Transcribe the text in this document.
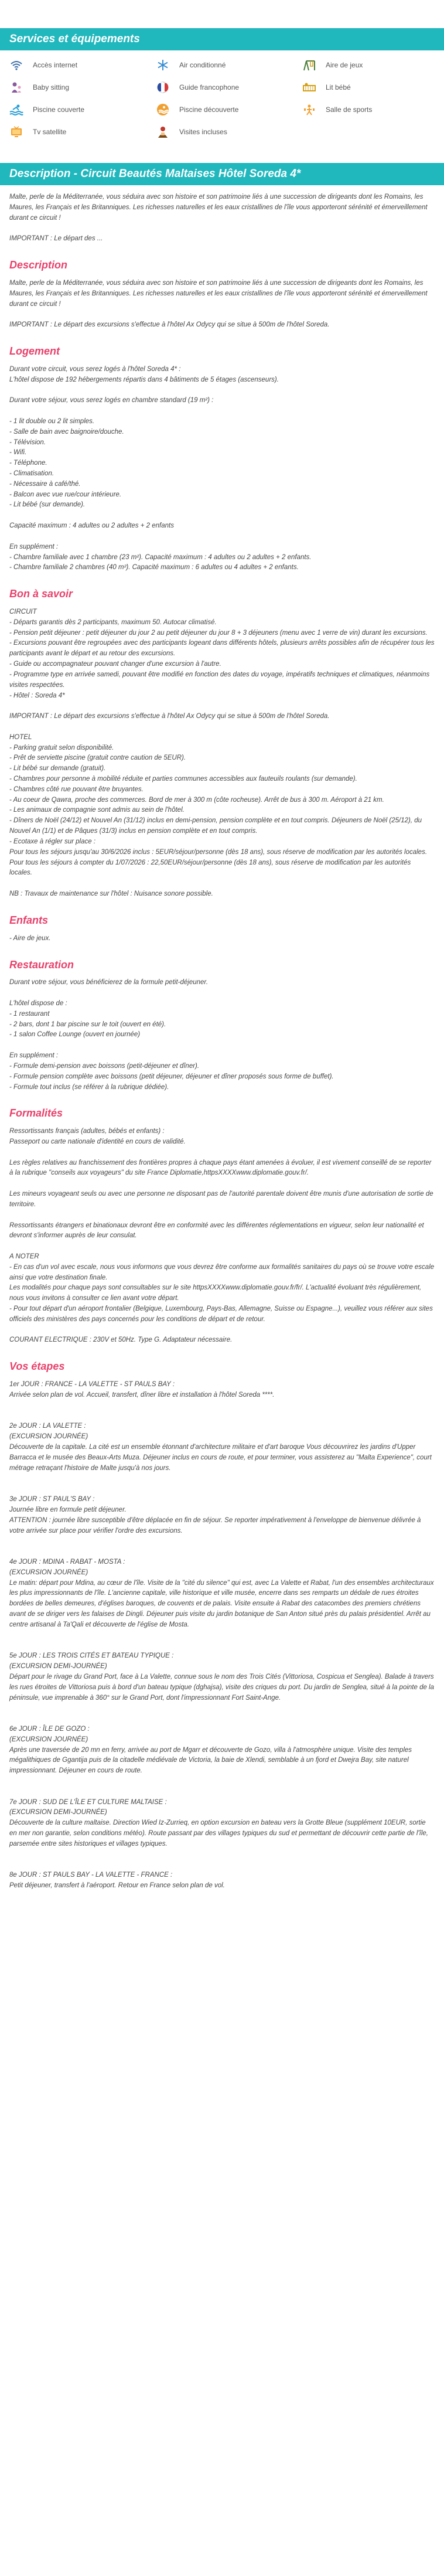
Services et équipements
Accès internet	Air conditionné	Aire de jeux
Baby sitting	Guide francophone	Lit bébé
Piscine couverte	Piscine découverte	Salle de sports
Tv satellite	Visites incluses
Description - Circuit Beautés Maltaises Hôtel Soreda 4*

Malte, perle de la Méditerranée, vous séduira avec son histoire et son patrimoine liés à une succession de dirigeants dont les Romains, les Maures, les Français et les Britanniques. Les richesses naturelles et les eaux cristallines de l'île vous apporteront sérénité et émerveillement durant ce circuit !

IMPORTANT : Le départ des ...

Description

Malte, perle de la Méditerranée, vous séduira avec son histoire et son patrimoine liés à une succession de dirigeants dont les Romains, les Maures, les Français et les Britanniques. Les richesses naturelles et les eaux cristallines de l'île vous apporteront sérénité et émerveillement durant ce circuit !

IMPORTANT : Le départ des excursions s'effectue à l'hôtel Ax Odycy qui se situe à 500m de l'hôtel Soreda.

Logement

Durant votre circuit, vous serez logés à l'hôtel Soreda 4* :
L'hôtel dispose de 192 hébergements répartis dans 4 bâtiments de 5 étages (ascenseurs).

Durant votre séjour, vous serez logés en chambre standard (19 m²) :

- 1 lit double ou 2 lit simples.
- Salle de bain avec baignoire/douche.
- Télévision.
- Wifi.
- Téléphone.
- Climatisation.
- Nécessaire à café/thé.
- Balcon avec vue rue/cour intérieure.
- Lit bébé (sur demande).

Capacité maximum : 4 adultes ou 2 adultes + 2 enfants

En supplément :
- Chambre familiale avec 1 chambre (23 m²). Capacité maximum : 4 adultes ou 2 adultes + 2 enfants.
- Chambre familiale 2 chambres (40 m²). Capacité maximum : 6 adultes ou 4 adultes + 2 enfants.

Bon à savoir

CIRCUIT
- Départs garantis dès 2 participants, maximum 50. Autocar climatisé.
- Pension petit déjeuner : petit déjeuner du jour 2 au petit déjeuner du jour 8 + 3 déjeuners (menu avec 1 verre de vin) durant les excursions.
- Excursions pouvant être regroupées avec des participants logeant dans différents hôtels, plusieurs arrêts possibles afin de récupérer tous les participants avant le départ et au retour des excursions.
- Guide ou accompagnateur pouvant changer d'une excursion à l'autre.
- Programme type en arrivée samedi, pouvant être modifié en fonction des dates du voyage, impératifs techniques et climatiques, néanmoins visites respectées.
- Hôtel : Soreda 4*

IMPORTANT : Le départ des excursions s'effectue à l'hôtel Ax Odycy qui se situe à 500m de l'hôtel Soreda.

HOTEL
- Parking gratuit selon disponibilité.
- Prêt de serviette piscine (gratuit contre caution de 5EUR).
- Lit bébé sur demande (gratuit).
- Chambres pour personne à mobilité réduite et parties communes accessibles aux fauteuils roulants (sur demande).
- Chambres côté rue pouvant être bruyantes.
- Au coeur de Qawra, proche des commerces. Bord de mer à 300 m (côte rocheuse). Arrêt de bus à 300 m. Aéroport à 21 km.
- Les animaux de compagnie sont admis au sein de l'hôtel.
- Dîners de Noël (24/12) et Nouvel An (31/12) inclus en demi-pension, pension complète et en tout compris. Déjeuners de Noël (25/12), du Nouvel An (1/1) et de Pâques (31/3) inclus en pension complète et en tout compris.
- Ecotaxe à régler sur place :
Pour tous les séjours jusqu'au 30/6/2026 inclus : 5EUR/séjour/personne (dès 18 ans), sous réserve de modification par les autorités locales.
Pour tous les séjours à compter du 1/07/2026 : 22,50EUR/séjour/personne (dès 18 ans), sous réserve de modification par les autorités locales.

NB : Travaux de maintenance sur l'hôtel : Nuisance sonore possible.

Enfants

- Aire de jeux.

Restauration

Durant votre séjour, vous bénéficierez de la formule petit-déjeuner.

L'hôtel dispose de :
- 1 restaurant
- 2 bars, dont 1 bar piscine sur le toit (ouvert en été).
- 1 salon Coffee Lounge (ouvert en journée)

En supplément :
- Formule demi-pension avec boissons (petit-déjeuner et dîner).
- Formule pension complète avec boissons (petit déjeuner, déjeuner et dîner proposés sous forme de buffet).
- Formule tout inclus (se référer à la rubrique dédiée).

Formalités

Ressortissants français (adultes, bébés et enfants) :
Passeport ou carte nationale d'identité en cours de validité.

Les règles relatives au franchissement des frontières propres à chaque pays étant amenées à évoluer, il est vivement conseillé de se reporter à la rubrique "conseils aux voyageurs" du site France Diplomatie,httpsXXXXwww.diplomatie.gouv.fr/.

Les mineurs voyageant seuls ou avec une personne ne disposant pas de l'autorité parentale doivent être munis d'une autorisation de sortie de territoire.

Ressortissants étrangers et binationaux devront être en conformité avec les différentes réglementations en vigueur, selon leur nationalité et devront s'informer auprès de leur consulat.

A NOTER
- En cas d'un vol avec escale, nous vous informons que vous devrez être conforme aux formalités sanitaires du pays où se trouve votre escale ainsi que votre destination finale.
Les modalités pour chaque pays sont consultables sur le site httpsXXXXwww.diplomatie.gouv.fr/fr/. L'actualité évoluant très régulièrement, nous vous invitons à consulter ce lien avant votre départ.
- Pour tout départ d'un aéroport frontalier (Belgique, Luxembourg, Pays-Bas, Allemagne, Suisse ou Espagne...), veuillez vous référer aux sites officiels des ministères des pays concernés pour les conditions de départ et de retour.

COURANT ELECTRIQUE : 230V et 50Hz. Type G. Adaptateur nécessaire.

Vos étapes

1er JOUR : FRANCE - LA VALETTE - ST PAULS BAY :
Arrivée selon plan de vol. Accueil, transfert, dîner libre et installation à l'hôtel Soreda ****.

2e JOUR : LA VALETTE :
(EXCURSION JOURNÉE)
Découverte de la capitale. La cité est un ensemble étonnant d'architecture militaire et d'art baroque Vous découvrirez les jardins d'Upper Barracca et le musée des Beaux-Arts Muza. Déjeuner inclus en cours de route, et pour terminer, vous assisterez au "Malta Experience", court métrage retraçant l'histoire de Malte jusqu'à nos jours.

3e JOUR : ST PAUL'S BAY :
Journée libre en formule petit déjeuner.
ATTENTION : journée libre susceptible d'être déplacée en fin de séjour. Se reporter impérativement à l'enveloppe de bienvenue délivrée à votre arrivée sur place pour vérifier l'ordre des excursions.

4e JOUR : MDINA - RABAT - MOSTA :
(EXCURSION JOURNÉE)
Le matin: départ pour Mdina, au cœur de l'île. Visite de la "cité du silence" qui est, avec La Valette et Rabat, l'un des ensembles architecturaux les plus impressionnants de l'île. L'ancienne capitale, ville historique et ville musée, encerre dans ses remparts un dédale de rues étroites bordées de belles demeures, d'églises baroques, de couvents et de palais. Visite ensuite à Rabat des catacombes des premiers chrétiens avant de se diriger vers les falaises de Dingli. Déjeuner puis visite du jardin botanique de San Anton situé près du palais présidentiel. Arrêt au centre artisanal à Ta'Qali et découverte de l'église de Mosta.

5e JOUR : LES TROIS CITÉS ET BATEAU TYPIQUE :
(EXCURSION DEMI-JOURNÉE)
Départ pour le rivage du Grand Port, face à La Valette, connue sous le nom des Trois Cités (Vittoriosa, Cospicua et Senglea). Balade à travers les rues étroites de Vittoriosa puis à bord d'un bateau typique (dghajsa), visite des criques du port. Du jardin de Senglea, situé à la pointe de la péninsule, vue imprenable à 360° sur le Grand Port, dont l'impressionnant Fort Saint-Ange.

6e JOUR : ÎLE DE GOZO :
(EXCURSION JOURNÉE)
Après une traversée de 20 mn en ferry, arrivée au port de Mgarr et découverte de Gozo, villa à l'atmosphère unique. Visite des temples mégalithiques de Ggantija puis de la citadelle médiévale de Victoria, la baie de Xlendi, semblable à un fjord et Dwejra Bay, site naturel impressionnant. Déjeuner en cours de route.

7e JOUR : SUD DE L'ÎLE ET CULTURE MALTAISE :
(EXCURSION DEMI-JOURNÉE)
Découverte de la culture maltaise. Direction Wied Iz-Zurrieq, en option excursion en bateau vers la Grotte Bleue (supplément 10EUR, sortie en mer non garantie, selon conditions météo). Route passant par des villages typiques du sud et permettant de découvrir cette partie de l'île, parsemée entre sites historiques et villages typiques.

8e JOUR : ST PAULS BAY - LA VALETTE - FRANCE :
Petit déjeuner, transfert à l'aéroport. Retour en France selon plan de vol.
